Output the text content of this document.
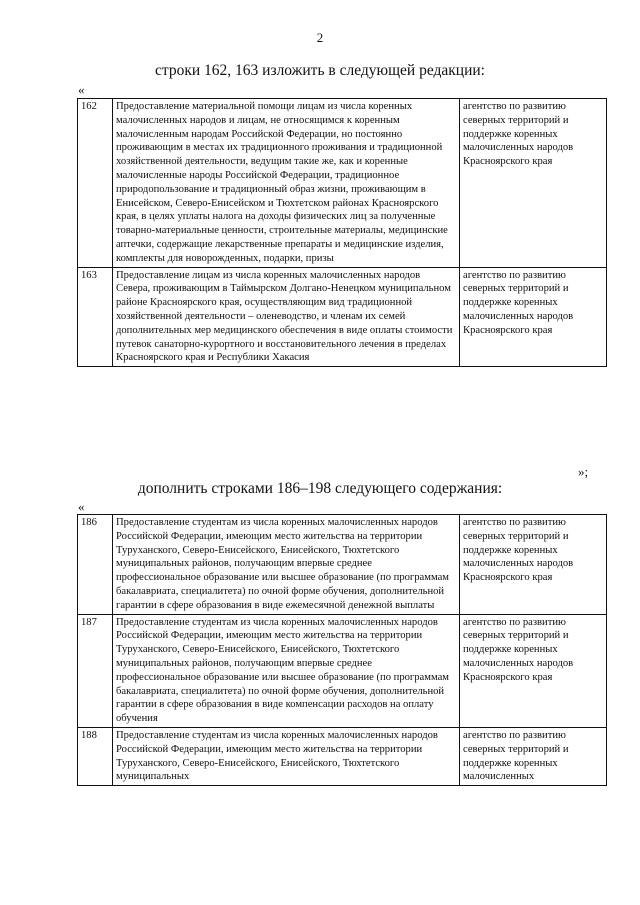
2
строки 162, 163 изложить в следующей редакции:
«
162	Предоставление материальной помощи лицам из числа коренных малочисленных народов и лицам, не относящимся к коренным малочисленным народам Российской Федерации, но постоянно проживающим в местах их традиционного проживания и традиционной хозяйственной деятельности, ведущим такие же, как и коренные малочисленные народы Российской Федерации, традиционное природопользование и традиционный образ жизни, проживающим в Енисейском, Северо-Енисейском и Тюхтетском районах Красноярского края, в целях уплаты налога на доходы физических лиц за полученные товарно-материальные ценности, строительные материалы, медицинские аптечки, содержащие лекарственные препараты и медицинские изделия, комплекты для новорожденных, подарки, призы	агентство по развитию северных территорий и поддержке коренных малочисленных народов Красноярского края
163	Предоставление лицам из числа коренных малочисленных народов Севера, проживающим в Таймырском Долгано-Ненецком муниципальном районе Красноярского края, осуществляющим вид традиционной хозяйственной деятельности – оленеводство, и членам их семей дополнительных мер медицинского обеспечения в виде оплаты стоимости путевок санаторно-курортного и восстановительного лечения в пределах Красноярского края и Республики Хакасия	агентство по развитию северных территорий и поддержке коренных малочисленных народов Красноярского края
»;
дополнить строками 186–198 следующего содержания:
«
186	Предоставление студентам из числа коренных малочисленных народов Российской Федерации, имеющим место жительства на территории Туруханского, Северо-Енисейского, Енисейского, Тюхтетского муниципальных районов, получающим впервые среднее профессиональное образование или высшее образование (по программам бакалавриата, специалитета) по очной форме обучения, дополнительной гарантии в сфере образования в виде ежемесячной денежной выплаты	агентство по развитию северных территорий и поддержке коренных малочисленных народов Красноярского края
187	Предоставление студентам из числа коренных малочисленных народов Российской Федерации, имеющим место жительства на территории Туруханского, Северо-Енисейского, Енисейского, Тюхтетского муниципальных районов, получающим впервые среднее профессиональное образование или высшее образование (по программам бакалавриата, специалитета) по очной форме обучения, дополнительной гарантии в сфере образования в виде компенсации расходов на оплату обучения	агентство по развитию северных территорий и поддержке коренных малочисленных народов Красноярского края
188	Предоставление студентам из числа коренных малочисленных народов Российской Федерации, имеющим место жительства на территории Туруханского, Северо-Енисейского, Енисейского, Тюхтетского муниципальных	агентство по развитию северных территорий и поддержке коренных малочисленных
